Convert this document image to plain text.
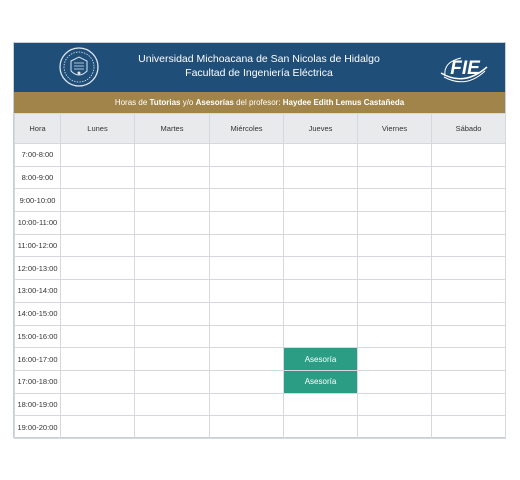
Universidad Michoacana de San Nicolas de Hidalgo
Facultad de Ingeniería Eléctrica	FIE
Horas de Tutorias y/o Asesorías del profesor: Haydee Edith Lemus Castañeda
Hora	Lunes	Martes	Miércoles	Jueves	Viernes	Sábado
7:00-8:00						
8:00-9:00						
9:00-10:00						
10:00-11:00						
11:00-12:00						
12:00-13:00						
13:00-14:00						
14:00-15:00						
15:00-16:00						
16:00-17:00				Asesoría		
17:00-18:00				Asesoría		
18:00-19:00						
19:00-20:00						
